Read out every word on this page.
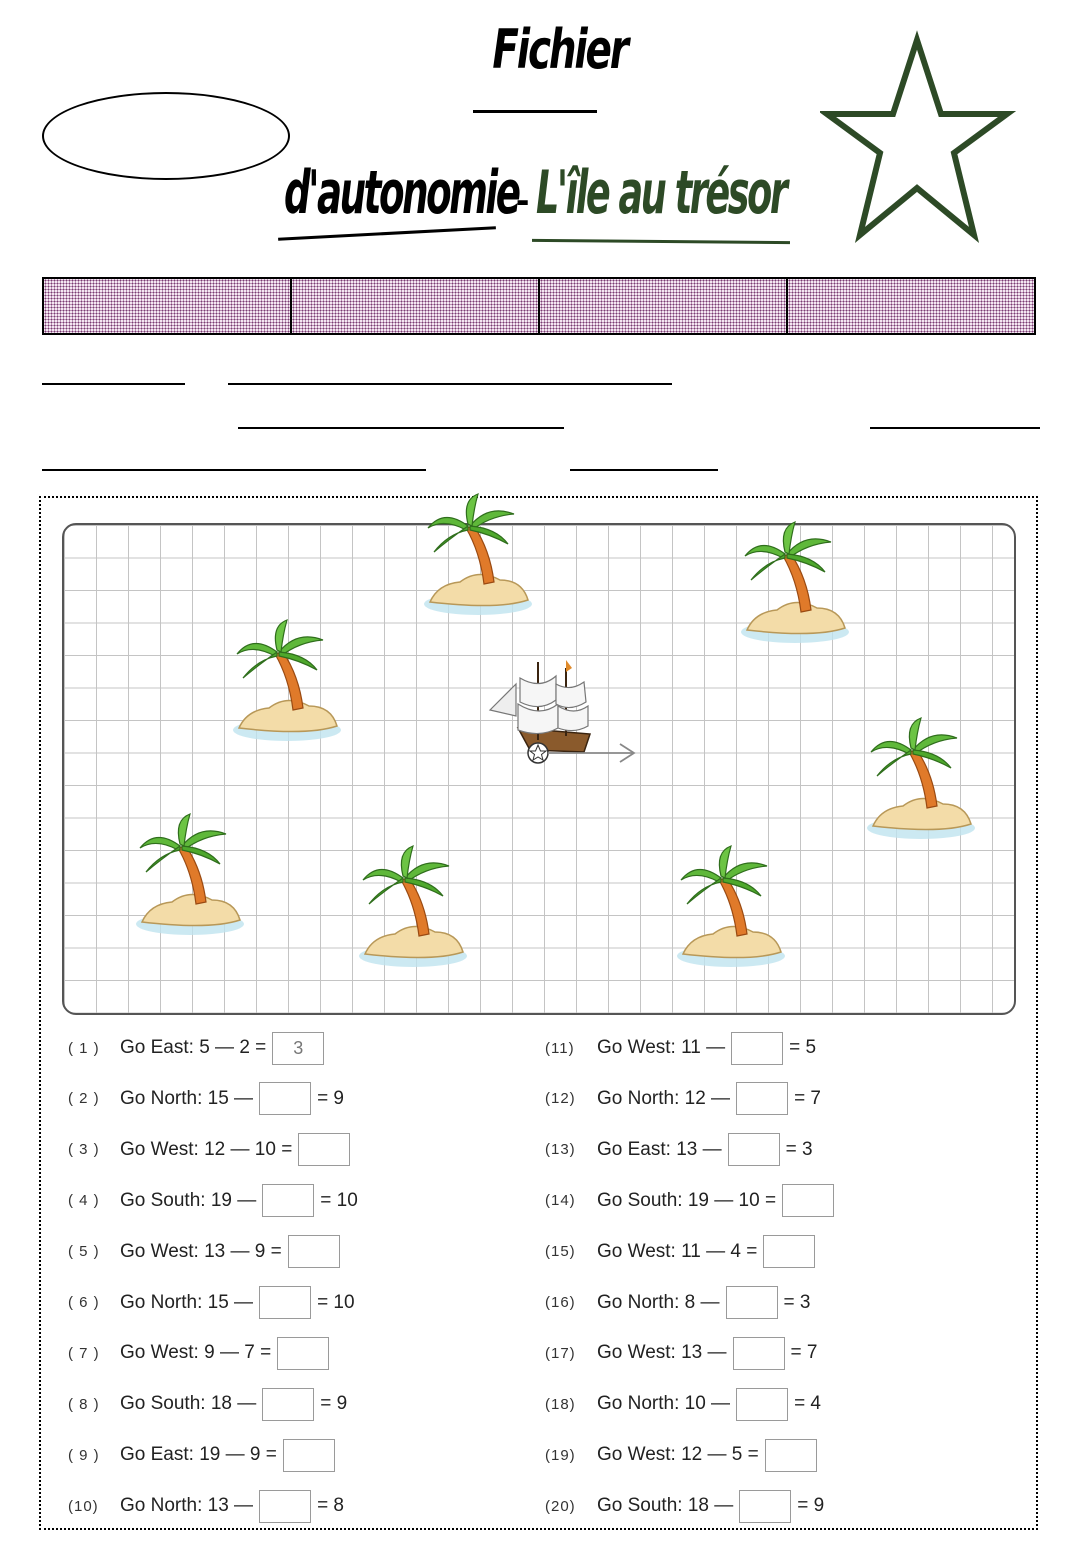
Fichier
d'autonomie
- L'île au trésor
( 1 )	Go East: 5 — 2 =	3
( 2 )	Go North: 15 —	= 9
( 3 )	Go West: 12 — 10 =
( 4 )	Go South: 19 —	= 10
( 5 )	Go West: 13 — 9 =
( 6 )	Go North: 15 —	= 10
( 7 )	Go West: 9 — 7 =
( 8 )	Go South: 18 —	= 9
( 9 )	Go East: 19 — 9 =
(10)	Go North: 13 —	= 8
(11)	Go West: 11 —	= 5
(12)	Go North: 12 —	= 7
(13)	Go East: 13 —	= 3
(14)	Go South: 19 — 10 =
(15)	Go West: 11 — 4 =
(16)	Go North: 8 —	= 3
(17)	Go West: 13 —	= 7
(18)	Go North: 10 —	= 4
(19)	Go West: 12 — 5 =
(20)	Go South: 18 —	= 9
